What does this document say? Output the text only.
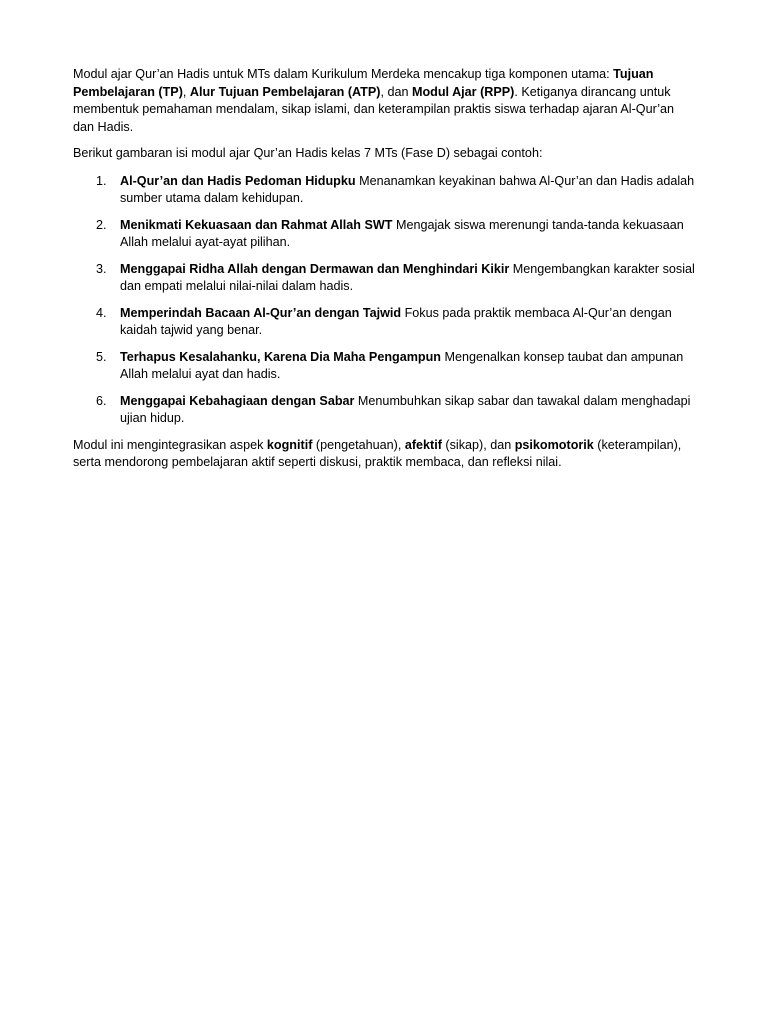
Modul ajar Qur’an Hadis untuk MTs dalam Kurikulum Merdeka mencakup tiga komponen utama: Tujuan Pembelajaran (TP), Alur Tujuan Pembelajaran (ATP), dan Modul Ajar (RPP). Ketiganya dirancang untuk membentuk pemahaman mendalam, sikap islami, dan keterampilan praktis siswa terhadap ajaran Al-Qur’an dan Hadis.

Berikut gambaran isi modul ajar Qur’an Hadis kelas 7 MTs (Fase D) sebagai contoh:

1. Al-Qur’an dan Hadis Pedoman Hidupku Menanamkan keyakinan bahwa Al-Qur’an dan Hadis adalah sumber utama dalam kehidupan.
2. Menikmati Kekuasaan dan Rahmat Allah SWT Mengajak siswa merenungi tanda-tanda kekuasaan Allah melalui ayat-ayat pilihan.
3. Menggapai Ridha Allah dengan Dermawan dan Menghindari Kikir Mengembangkan karakter sosial dan empati melalui nilai-nilai dalam hadis.
4. Memperindah Bacaan Al-Qur’an dengan Tajwid Fokus pada praktik membaca Al-Qur’an dengan kaidah tajwid yang benar.
5. Terhapus Kesalahanku, Karena Dia Maha Pengampun Mengenalkan konsep taubat dan ampunan Allah melalui ayat dan hadis.
6. Menggapai Kebahagiaan dengan Sabar Menumbuhkan sikap sabar dan tawakal dalam menghadapi ujian hidup.

Modul ini mengintegrasikan aspek kognitif (pengetahuan), afektif (sikap), dan psikomotorik (keterampilan), serta mendorong pembelajaran aktif seperti diskusi, praktik membaca, dan refleksi nilai.
